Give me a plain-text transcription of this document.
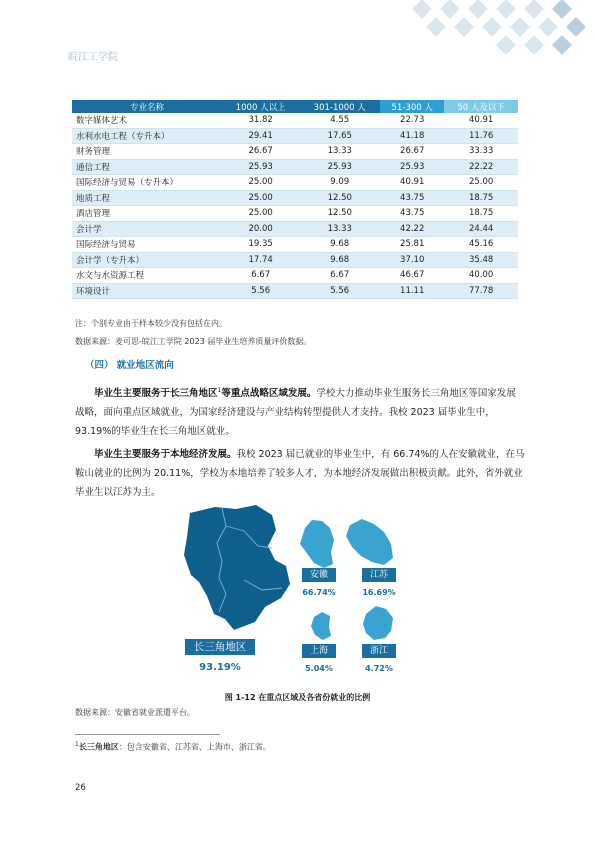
皖江工学院
专业名称	1000 人以上	301-1000 人	51-300 人	50 人及以下
数字媒体艺术	31.82	4.55	22.73	40.91
水利水电工程（专升本）	29.41	17.65	41.18	11.76
财务管理	26.67	13.33	26.67	33.33
通信工程	25.93	25.93	25.93	22.22
国际经济与贸易（专升本）	25.00	9.09	40.91	25.00
地质工程	25.00	12.50	43.75	18.75
酒店管理	25.00	12.50	43.75	18.75
会计学	20.00	13.33	42.22	24.44
国际经济与贸易	19.35	9.68	25.81	45.16
会计学（专升本）	17.74	9.68	37.10	35.48
水文与水资源工程	6.67	6.67	46.67	40.00
环境设计	5.56	5.56	11.11	77.78
注：个别专业由于样本较少没有包括在内。
数据来源：麦可思-皖江工学院 2023 届毕业生培养质量评价数据。
（四） 就业地区流向

毕业生主要服务于长三角地区$^1$等重点战略区域发展。学校大力推动毕业生服务长三角地区等国家发展战略，面向重点区域就业，为国家经济建设与产业结构转型提供人才支持。我校 2023 届毕业生中，93.19%的毕业生在长三角地区就业。

毕业生主要服务于本地经济发展。我校 2023 届已就业的毕业生中，有 66.74%的人在安徽就业，在马鞍山就业的比例为 20.11%，学校为本地培养了较多人才，为本地经济发展做出积极贡献。此外，省外就业毕业生以江苏为主。

长三角地区
93.19%
安徽
66.74%
江苏
16.69%
上海
5.04%
浙江
4.72%
图 1-12 在重点区域及各省份就业的比例
数据来源：安徽省就业派遣平台。
$^1$长三角地区：包含安徽省、江苏省、上海市、浙江省。
26
